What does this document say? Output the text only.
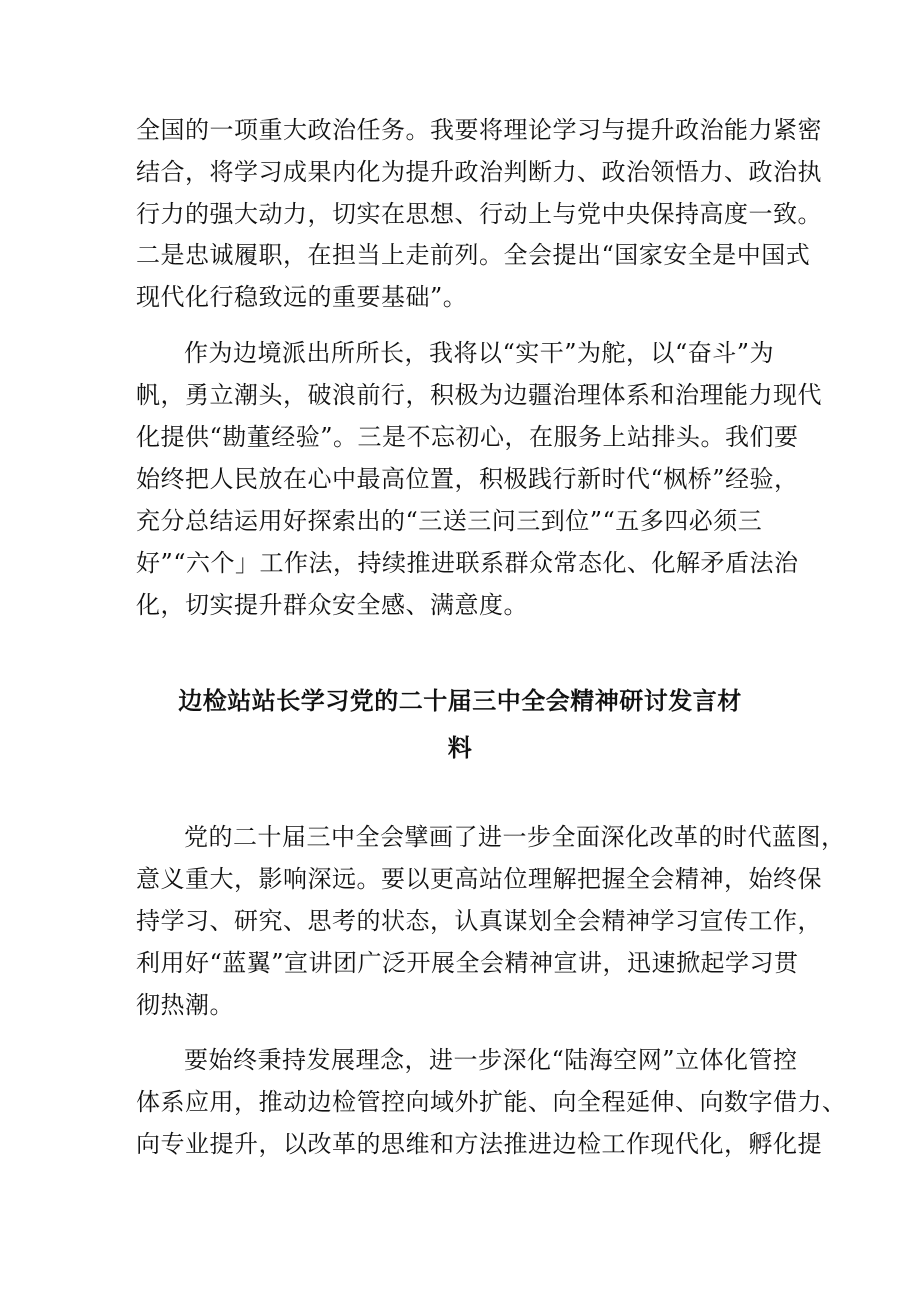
全国的一项重大政治任务。我要将理论学习与提升政治能力紧密
结合，将学习成果内化为提升政治判断力、政治领悟力、政治执
行力的强大动力，切实在思想、行动上与党中央保持高度一致。
二是忠诚履职，在担当上走前列。全会提出“国家安全是中国式
现代化行稳致远的重要基础”。
作为边境派出所所长，我将以“实干”为舵，以“奋斗”为
帆，勇立潮头，破浪前行，积极为边疆治理体系和治理能力现代
化提供“勘董经验”。三是不忘初心，在服务上站排头。我们要
始终把人民放在心中最高位置，积极践行新时代“枫桥”经验，
充分总结运用好探索出的“三送三问三到位”“五多四必须三
好”“六个」工作法，持续推进联系群众常态化、化解矛盾法治
化，切实提升群众安全感、满意度。
边检站站长学习党的二十届三中全会精神研讨发言材
料
党的二十届三中全会擘画了进一步全面深化改革的时代蓝图，
意义重大，影响深远。要以更高站位理解把握全会精神，始终保
持学习、研究、思考的状态，认真谋划全会精神学习宣传工作，
利用好“蓝翼”宣讲团广泛开展全会精神宣讲，迅速掀起学习贯
彻热潮。
要始终秉持发展理念，进一步深化“陆海空网”立体化管控
体系应用，推动边检管控向域外扩能、向全程延伸、向数字借力、
向专业提升，以改革的思维和方法推进边检工作现代化，孵化提
